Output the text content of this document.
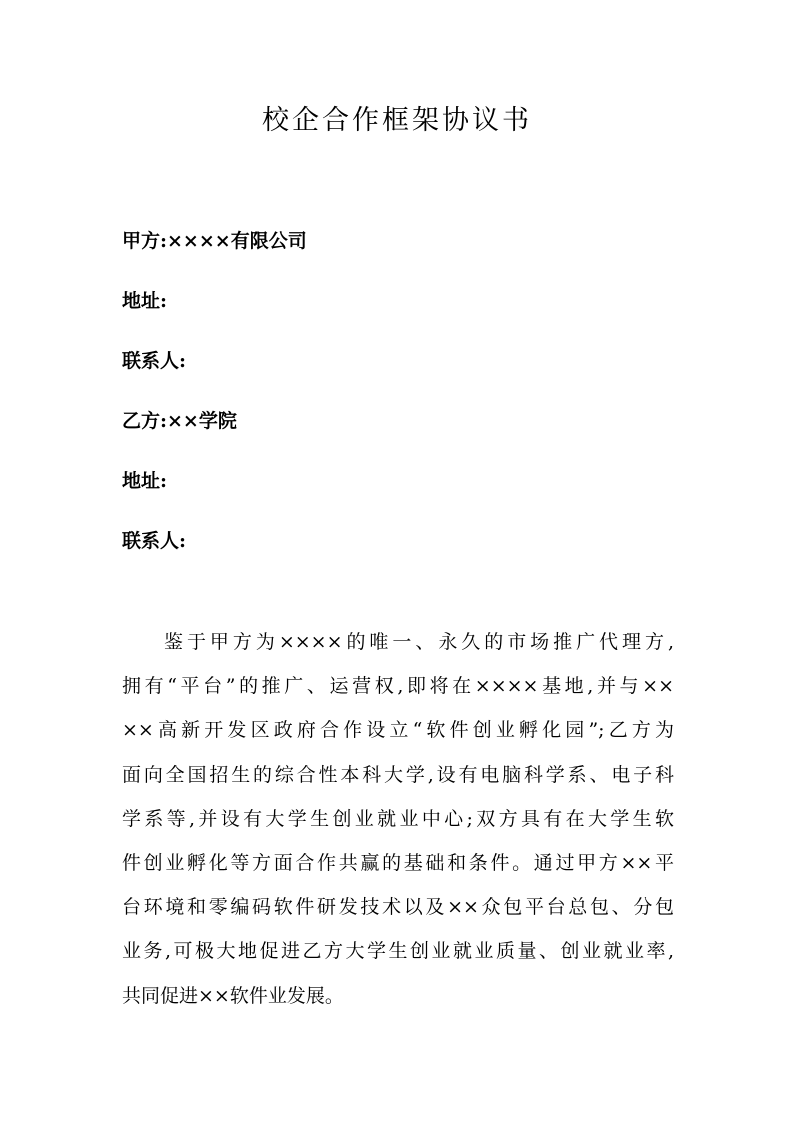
校企合作框架协议书
甲方:××××有限公司
地址:
联系人:
乙方:××学院
地址:
联系人:
鉴于甲方为××××的唯一、永久的市场推广代理方,
拥有“平台”的推广、运营权,即将在××××基地,并与××
××高新开发区政府合作设立“软件创业孵化园”;乙方为
面向全国招生的综合性本科大学,设有电脑科学系、电子科
学系等,并设有大学生创业就业中心;双方具有在大学生软
件创业孵化等方面合作共赢的基础和条件。通过甲方××平
台环境和零编码软件研发技术以及××众包平台总包、分包
业务,可极大地促进乙方大学生创业就业质量、创业就业率,
共同促进××软件业发展。
